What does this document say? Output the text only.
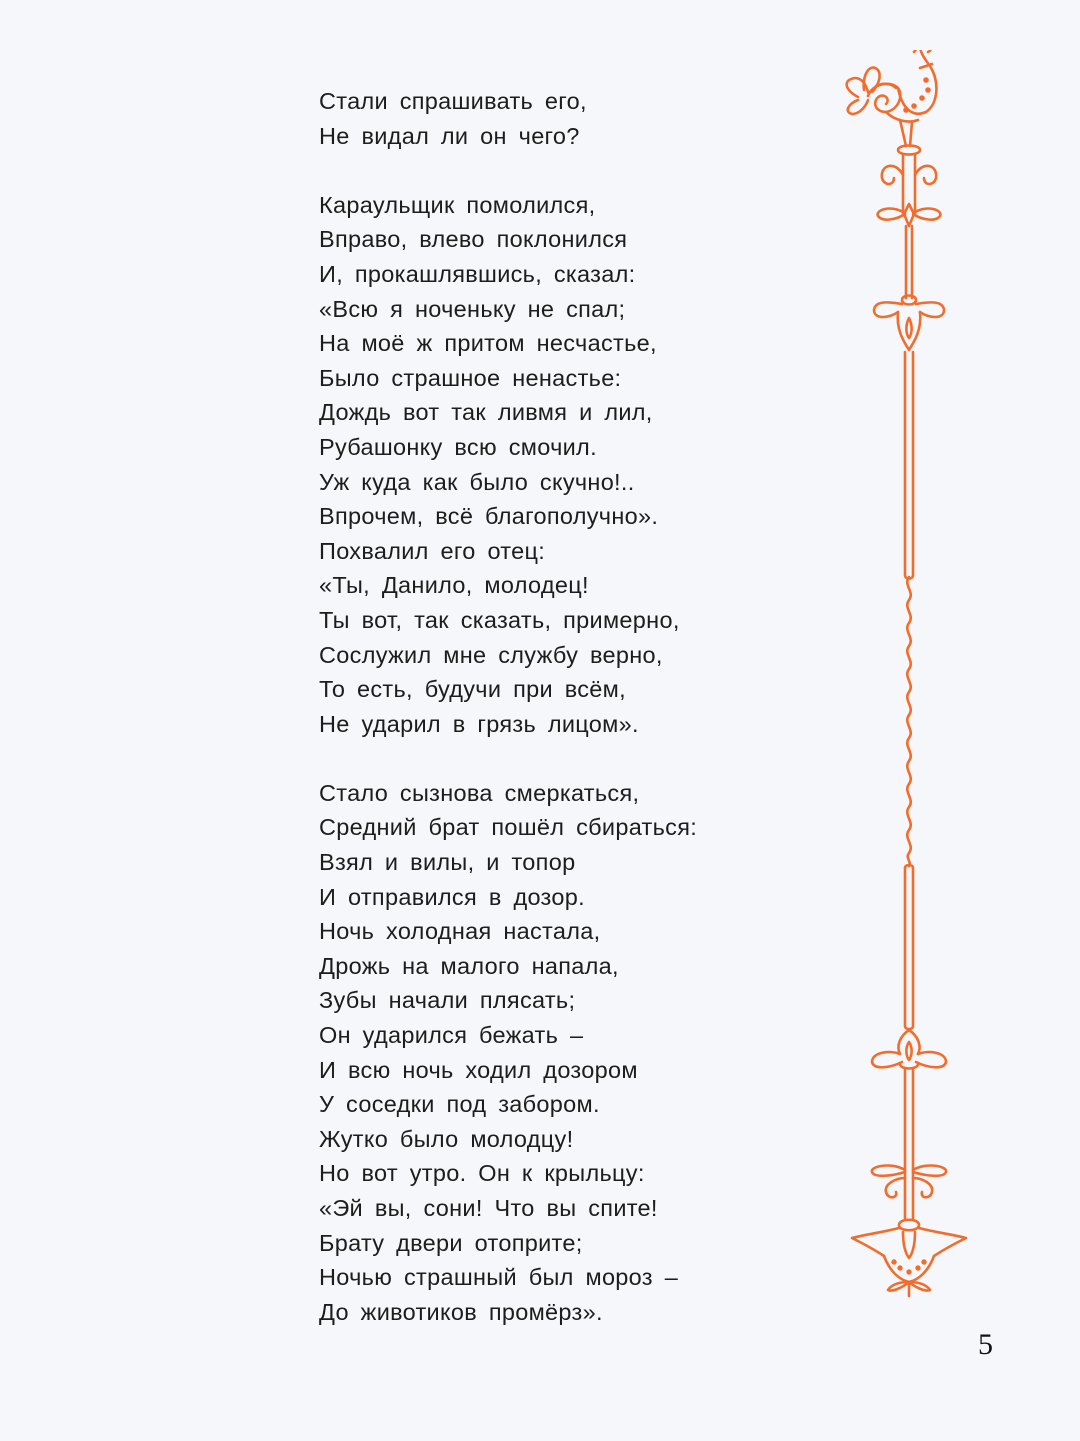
Стали спрашивать его,
Не видал ли он чего?
Караульщик помолился,
Вправо, влево поклонился
И, прокашлявшись, сказал:
«Всю я ноченьку не спал;
На моё ж притом несчастье,
Было страшное ненастье:
Дождь вот так ливмя и лил,
Рубашонку всю смочил.
Уж куда как было скучно!..
Впрочем, всё благополучно».
Похвалил его отец:
«Ты, Данило, молодец!
Ты вот, так сказать, примерно,
Сослужил мне службу верно,
То есть, будучи при всём,
Не ударил в грязь лицом».
Стало сызнова смеркаться,
Средний брат пошёл сбираться:
Взял и вилы, и топор
И отправился в дозор.
Ночь холодная настала,
Дрожь на малого напала,
Зубы начали плясать;
Он ударился бежать –
И всю ночь ходил дозором
У соседки под забором.
Жутко было молодцу!
Но вот утро. Он к крыльцу:
«Эй вы, сони! Что вы спите!
Брату двери отоприте;
Ночью страшный был мороз –
До животиков промёрз».
5
